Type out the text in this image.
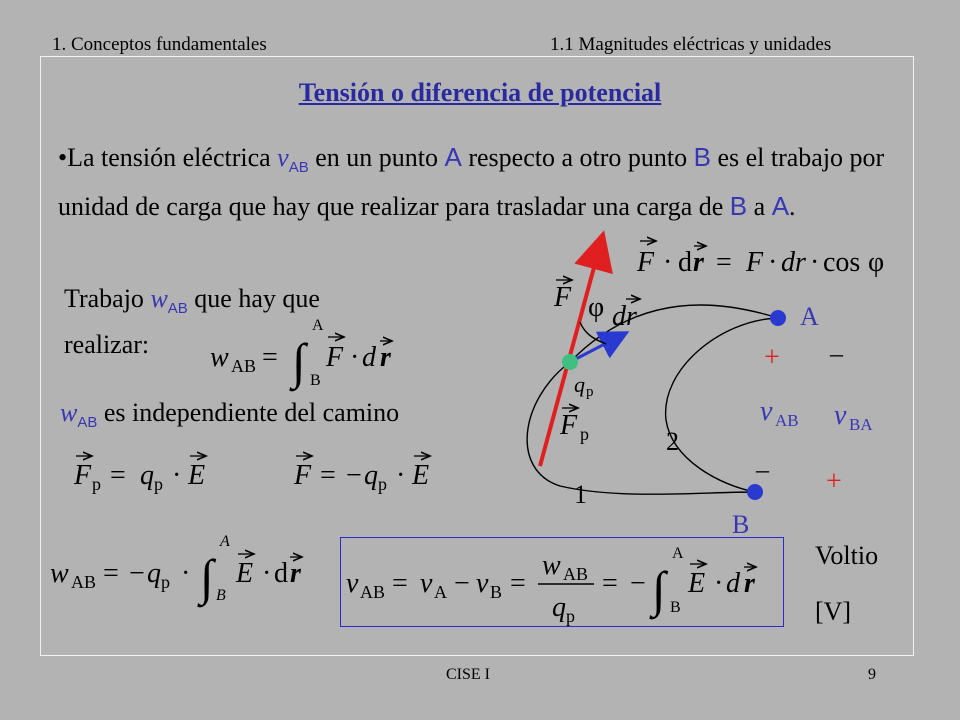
1. Conceptos fundamentales	1.1 Magnitudes eléctricas y unidades
Tensión o diferencia de potencial
•La tensión eléctrica $v_{AB}$ en un punto A respecto a otro punto B es el trabajo por unidad de carga que hay que realizar para trasladar una carga de B a A.
Trabajo $w_{AB}$ que hay que
realizar:
$w_{AB}$ es independiente del camino
F · d r = F · dr · cos φ
w AB = ∫
A
B
F · d r
F p = q p · E	F = − q p · E
w AB = − q p · ∫
A
B
E · d r v AB = v A − v B =
w AB
q p
= − ∫
A
B
E · d r
F φ dr
F p
q p
1
2
A
B
+ –
– +
v AB v BA
Voltio
[V]
CISE I	9
